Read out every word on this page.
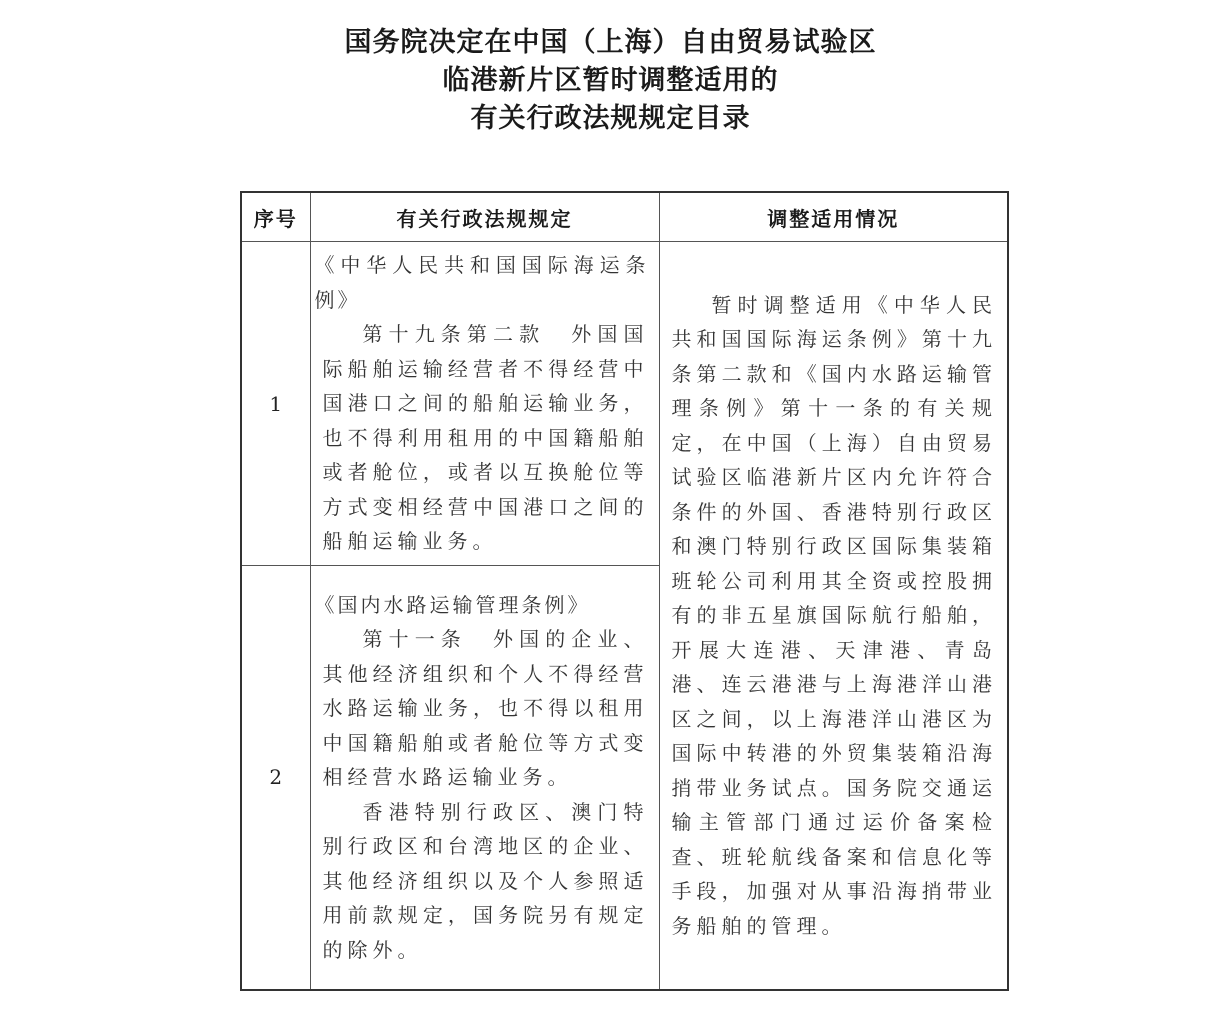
国务院决定在中国（上海）自由贸易试验区
临港新片区暂时调整适用的
有关行政法规规定目录
序号	有关行政法规规定	调整适用情况
1	《中华人民共和国国际海运条例》
第十九条第二款　外国国际船舶运输经营者不得经营中国港口之间的船舶运输业务，也不得利用租用的中国籍船舶或者舱位，或者以互换舱位等方式变相经营中国港口之间的船舶运输业务。	暂时调整适用《中华人民共和国国际海运条例》第十九条第二款和《国内水路运输管理条例》第十一条的有关规定，在中国（上海）自由贸易试验区临港新片区内允许符合条件的外国、香港特别行政区和澳门特别行政区国际集装箱班轮公司利用其全资或控股拥有的非五星旗国际航行船舶，开展大连港、天津港、青岛港、连云港港与上海港洋山港区之间，以上海港洋山港区为国际中转港的外贸集装箱沿海捎带业务试点。国务院交通运输主管部门通过运价备案检查、班轮航线备案和信息化等手段，加强对从事沿海捎带业务船舶的管理。

2	《国内水路运输管理条例》
第十一条　外国的企业、其他经济组织和个人不得经营水路运输业务，也不得以租用中国籍船舶或者舱位等方式变相经营水路运输业务。
香港特别行政区、澳门特别行政区和台湾地区的企业、其他经济组织以及个人参照适用前款规定，国务院另有规定的除外。	
